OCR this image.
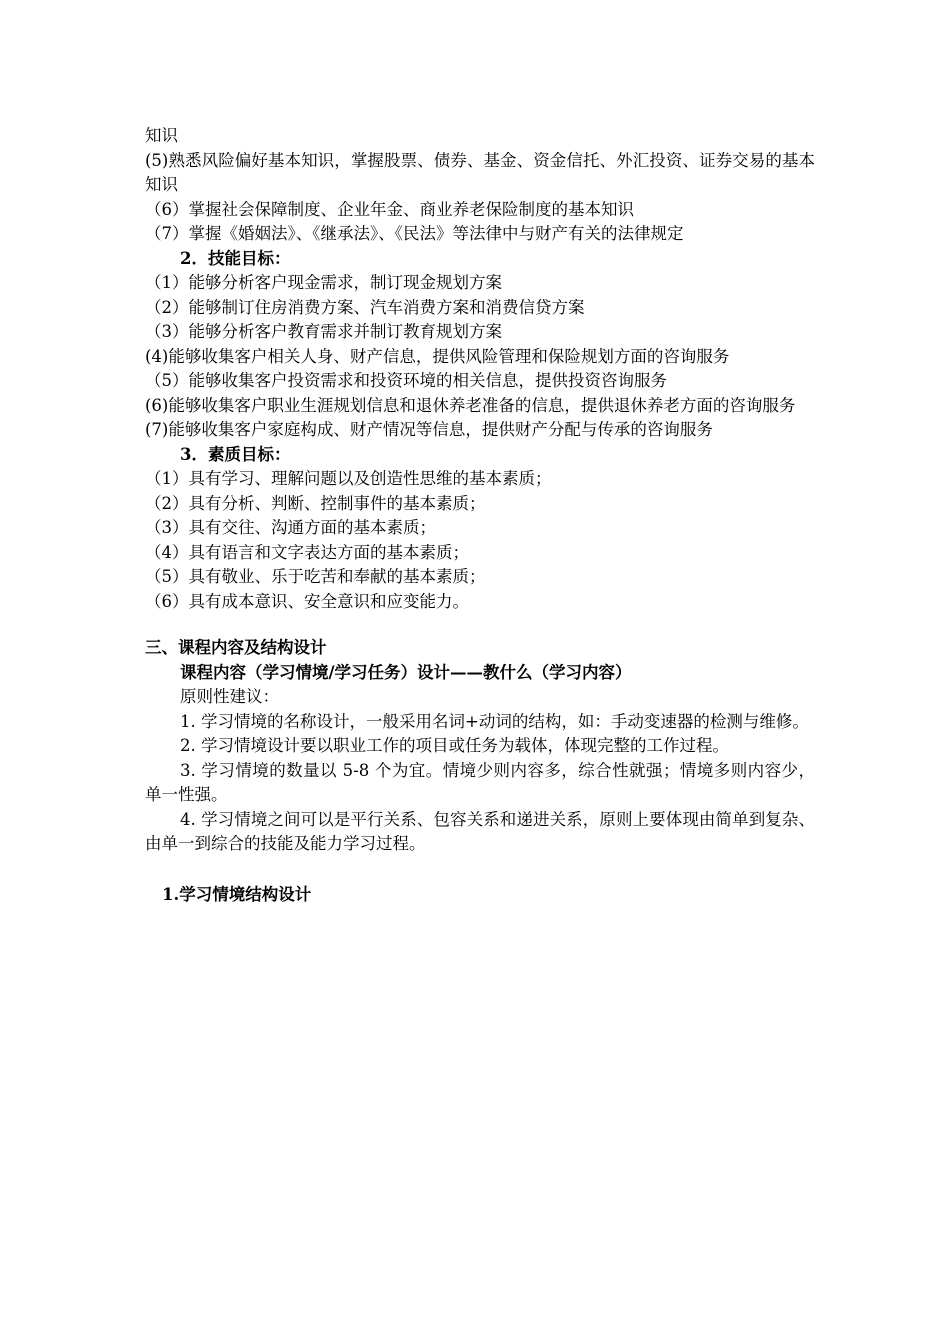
知识

(5)熟悉风险偏好基本知识，掌握股票、债券、基金、资金信托、外汇投资、证券交易的基本知识

（6）掌握社会保障制度、企业年金、商业养老保险制度的基本知识

（7）掌握《婚姻法》、《继承法》、《民法》等法律中与财产有关的法律规定

2．技能目标：

（1）能够分析客户现金需求，制订现金规划方案

（2）能够制订住房消费方案、汽车消费方案和消费信贷方案

（3）能够分析客户教育需求并制订教育规划方案

(4)能够收集客户相关人身、财产信息，提供风险管理和保险规划方面的咨询服务

（5）能够收集客户投资需求和投资环境的相关信息，提供投资咨询服务

(6)能够收集客户职业生涯规划信息和退休养老准备的信息，提供退休养老方面的咨询服务

(7)能够收集客户家庭构成、财产情况等信息，提供财产分配与传承的咨询服务

3．素质目标：

（1）具有学习、理解问题以及创造性思维的基本素质；

（2）具有分析、判断、控制事件的基本素质；

（3）具有交往、沟通方面的基本素质；

（4）具有语言和文字表达方面的基本素质；

（5）具有敬业、乐于吃苦和奉献的基本素质；

（6）具有成本意识、安全意识和应变能力。

三、课程内容及结构设计

课程内容（学习情境/学习任务）设计——教什么（学习内容）

原则性建议：

1. 学习情境的名称设计，一般采用名词+动词的结构，如：手动变速器的检测与维修。

2. 学习情境设计要以职业工作的项目或任务为载体，体现完整的工作过程。

3. 学习情境的数量以 5-8 个为宜。情境少则内容多，综合性就强；情境多则内容少，单一性强。

4. 学习情境之间可以是平行关系、包容关系和递进关系，原则上要体现由简单到复杂、由单一到综合的技能及能力学习过程。

1.学习情境结构设计
